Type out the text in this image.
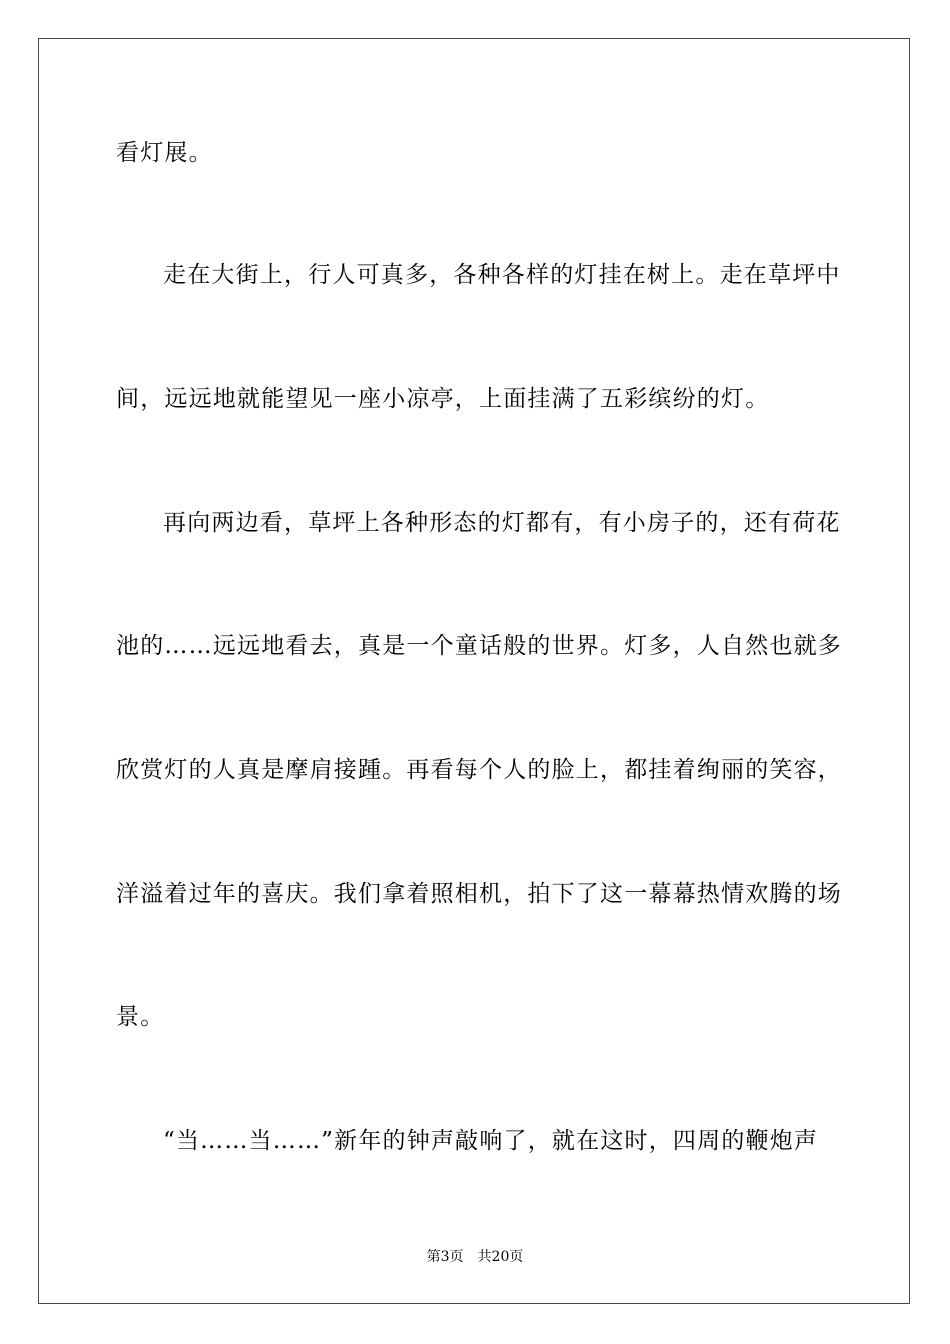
看灯展。
走在大街上，行人可真多，各种各样的灯挂在树上。走在草坪中
间，远远地就能望见一座小凉亭，上面挂满了五彩缤纷的灯。
再向两边看，草坪上各种形态的灯都有，有小房子的，还有荷花
池的……远远地看去，真是一个童话般的世界。灯多，人自然也就多
欣赏灯的人真是摩肩接踵。再看每个人的脸上，都挂着绚丽的笑容，
洋溢着过年的喜庆。我们拿着照相机，拍下了这一幕幕热情欢腾的场
景。
“当……当……”新年的钟声敲响了，就在这时，四周的鞭炮声
第3页 共20页
